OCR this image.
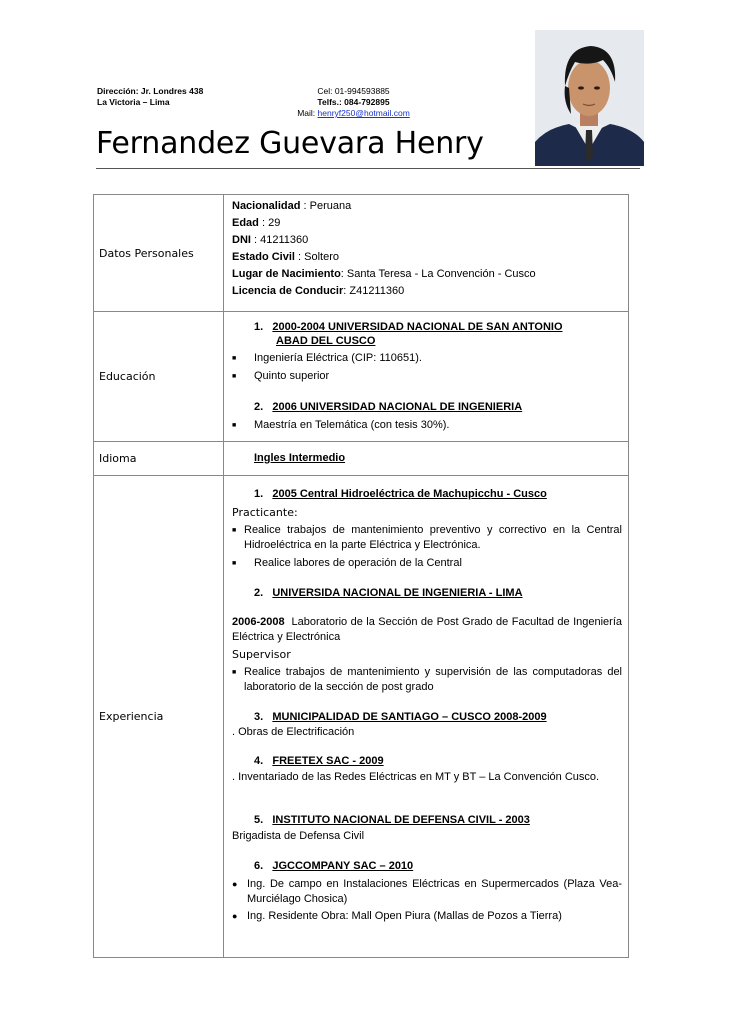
Dirección: Jr. Londres 438
La Victoria – Lima
Cel: 01-994593885
Telfs.: 084-792895
Mail: henryf250@hotmail.com
Fernandez Guevara Henry
Datos Personales
Nacionalidad : Peruana
Edad : 29
DNI : 41211360
Estado Civil : Soltero
Lugar de Nacimiento: Santa Teresa - La Convención - Cusco
Licencia de Conducir: Z41211360
Educación
1. 2000-2004 UNIVERSIDAD NACIONAL DE SAN ANTONIO
ABAD DEL CUSCO
■ Ingeniería Eléctrica (CIP: 110651).
■ Quinto superior
2. 2006 UNIVERSIDAD NACIONAL DE INGENIERIA
■ Maestría en Telemática (con tesis 30%).
Idioma	Ingles Intermedio
Experiencia
1. 2005 Central Hidroeléctrica de Machupicchu - Cusco
Practicante:
■ Realice trabajos de mantenimiento preventivo y correctivo en la Central Hidroeléctrica en la parte Eléctrica y Electrónica.
■ Realice labores de operación de la Central
2. UNIVERSIDA NACIONAL DE INGENIERIA - LIMA
2006-2008 Laboratorio de la Sección de Post Grado de Facultad de Ingeniería Eléctrica y Electrónica
Supervisor
■ Realice trabajos de mantenimiento y supervisión de las computadoras del laboratorio de la sección de post grado
3. MUNICIPALIDAD DE SANTIAGO – CUSCO 2008-2009
. Obras de Electrificación
4. FREETEX SAC - 2009
. Inventariado de las Redes Eléctricas en MT y BT – La Convención Cusco.
5. INSTITUTO NACIONAL DE DEFENSA CIVIL - 2003
Brigadista de Defensa Civil
6. JGCCOMPANY SAC – 2010
● Ing. De campo en Instalaciones Eléctricas en Supermercados (Plaza Vea-Murciélago Chosica)
● Ing. Residente Obra: Mall Open Piura (Mallas de Pozos a Tierra)
